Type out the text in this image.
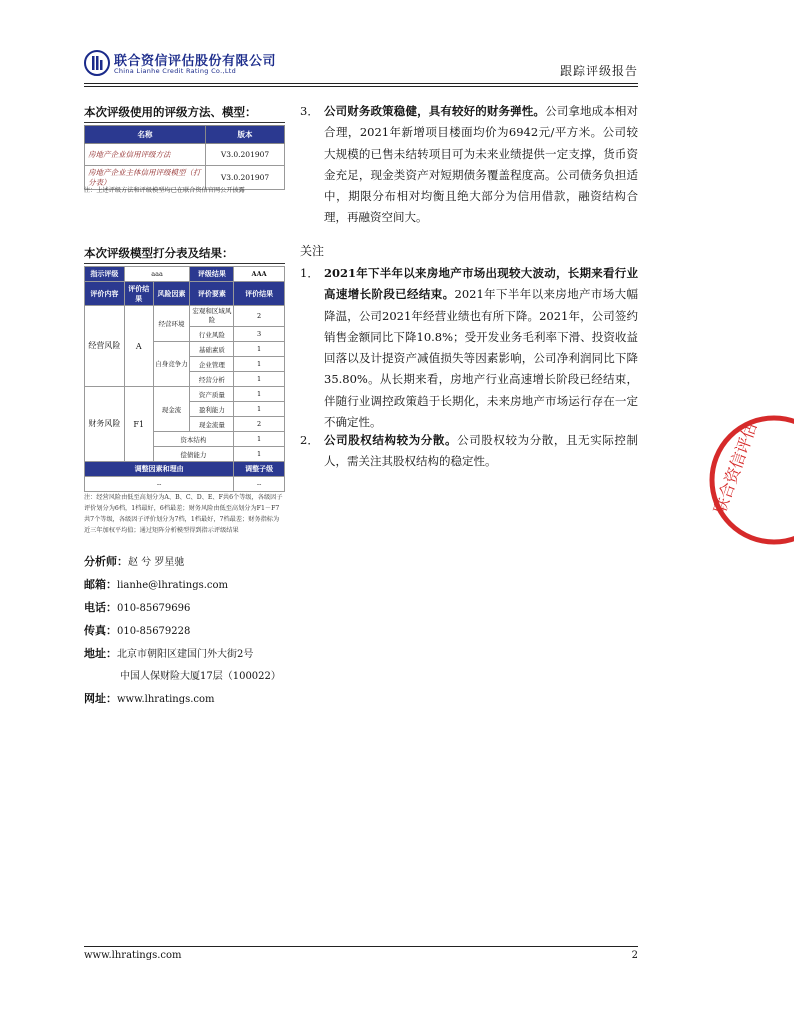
联合资信评估股份有限公司
China Lianhe Credit Rating Co.,Ltd	跟踪评级报告
本次评级使用的评级方法、模型：
名称	版本
房地产企业信用评级方法	V3.0.201907
房地产企业主体信用评级模型（打分表）	V3.0.201907
注：上述评级方法和评级模型均已在联合资信官网公开披露
本次评级模型打分表及结果：
指示评级	aaa		评级结果	AAA
评价内容	评价结果	风险因素	评价要素	评价结果
经营风险	A	经营环境	宏观和区域风险	2
			行业风险	3
		自身竞争力	基础素质	1
			企业管理	1
			经营分析	1
财务风险	F1	现金流	资产质量	1
			盈利能力	1
			现金流量	2
		资本结构		1
		偿债能力		1
调整因素和理由				调整子级
--				--
注：经营风险由低至高划分为A、B、C、D、E、F共6个等级，各级因子评价划分为6档，1档最好，6档最差；财务风险由低至高划分为F1－F7共7个等级，各级因子评价划分为7档，1档最好，7档最差；财务指标为近三年加权平均值；通过矩阵分析模型得到指示评级结果
分析师：赵 兮 罗星驰
邮箱：lianhe@lhratings.com
电话：010-85679696
传真：010-85679228
地址：北京市朝阳区建国门外大街2号
中国人保财险大厦17层（100022）
网址：www.lhratings.com
3． 公司财务政策稳健，具有较好的财务弹性。公司拿地成本相对合理，2021年新增项目楼面均价为6942元/平方米。公司较大规模的已售未结转项目可为未来业绩提供一定支撑，货币资金充足，现金类资产对短期债务覆盖程度高。公司债务负担适中，期限分布相对均衡且绝大部分为信用借款，融资结构合理，再融资空间大。
关注
1． 2021年下半年以来房地产市场出现较大波动，长期来看行业高速增长阶段已经结束。2021年下半年以来房地产市场大幅降温，公司2021年经营业绩也有所下降。2021年，公司签约销售金额同比下降10.8%；受开发业务毛利率下滑、投资收益回落以及计提资产减值损失等因素影响，公司净利润同比下降35.80%。从长期来看，房地产行业高速增长阶段已经结束，伴随行业调控政策趋于长期化，未来房地产市场运行存在一定不确定性。
2． 公司股权结构较为分散。公司股权较为分散，且无实际控制人，需关注其股权结构的稳定性。	联合资信评估
www.lhratings.com	2
